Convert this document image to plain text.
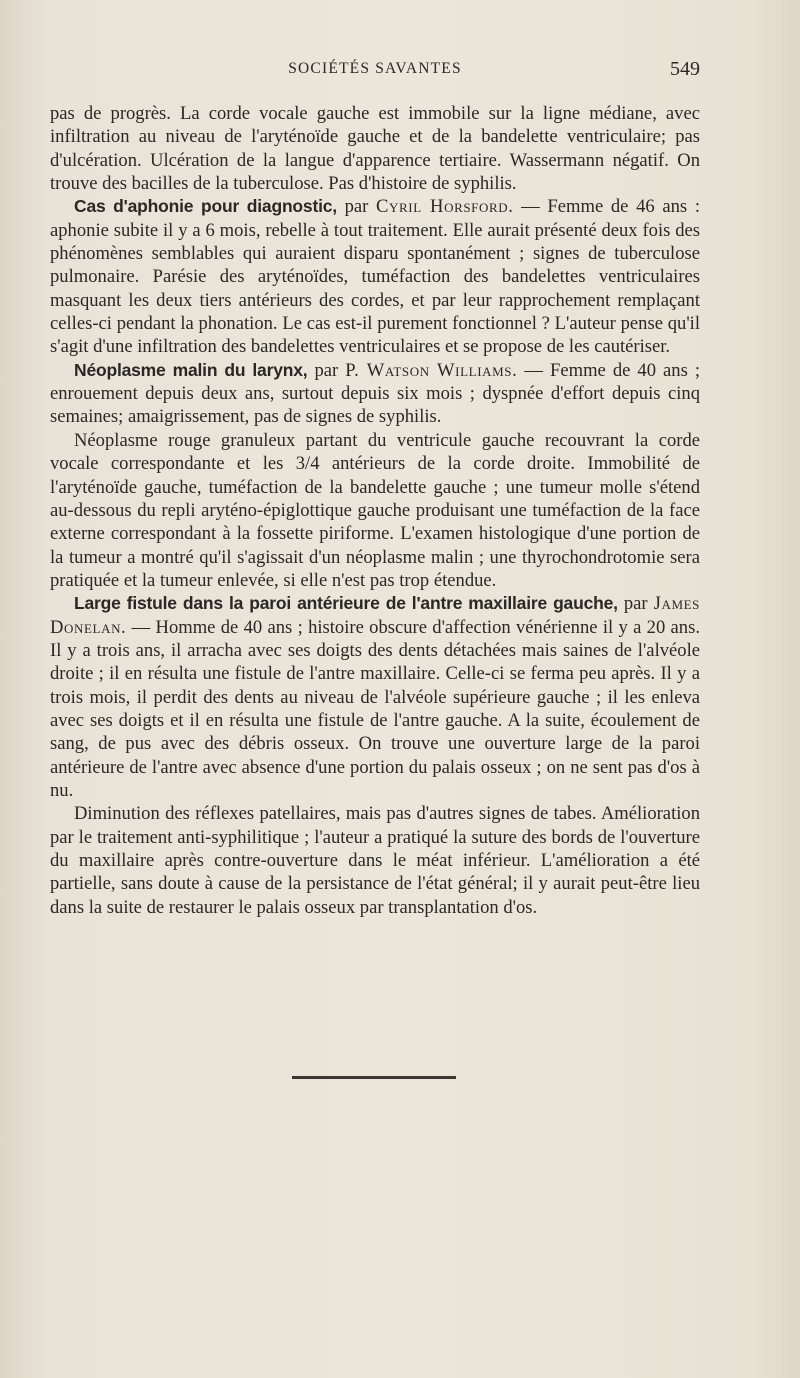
SOCIÉTÉS SAVANTES	549

pas de progrès. La corde vocale gauche est immobile sur la ligne médiane, avec infiltration au niveau de l'aryténoïde gauche et de la bandelette ventriculaire; pas d'ulcération. Ulcération de la langue d'apparence tertiaire. Wassermann négatif. On trouve des bacilles de la tuberculose. Pas d'histoire de syphilis.

Cas d'aphonie pour diagnostic, par Cyril Horsford. — Femme de 46 ans : aphonie subite il y a 6 mois, rebelle à tout traitement. Elle aurait présenté deux fois des phénomènes semblables qui auraient disparu spontanément ; signes de tuberculose pulmonaire. Parésie des aryténoïdes, tuméfaction des bandelettes ventriculaires masquant les deux tiers antérieurs des cordes, et par leur rapprochement remplaçant celles-ci pendant la phonation. Le cas est-il purement fonctionnel ? L'auteur pense qu'il s'agit d'une infiltration des bandelettes ventriculaires et se propose de les cautériser.

Néoplasme malin du larynx, par P. Watson Williams. — Femme de 40 ans ; enrouement depuis deux ans, surtout depuis six mois ; dyspnée d'effort depuis cinq semaines; amaigrissement, pas de signes de syphilis.

Néoplasme rouge granuleux partant du ventricule gauche recouvrant la corde vocale correspondante et les 3/4 antérieurs de la corde droite. Immobilité de l'aryténoïde gauche, tuméfaction de la bandelette gauche ; une tumeur molle s'étend au-dessous du repli aryténo-épiglottique gauche produisant une tuméfaction de la face externe correspondant à la fossette piriforme. L'examen histologique d'une portion de la tumeur a montré qu'il s'agissait d'un néoplasme malin ; une thyrochondrotomie sera pratiquée et la tumeur enlevée, si elle n'est pas trop étendue.

Large fistule dans la paroi antérieure de l'antre maxillaire gauche, par James Donelan. — Homme de 40 ans ; histoire obscure d'affection vénérienne il y a 20 ans. Il y a trois ans, il arracha avec ses doigts des dents détachées mais saines de l'alvéole droite ; il en résulta une fistule de l'antre maxillaire. Celle-ci se ferma peu après. Il y a trois mois, il perdit des dents au niveau de l'alvéole supérieure gauche ; il les enleva avec ses doigts et il en résulta une fistule de l'antre gauche. A la suite, écoulement de sang, de pus avec des débris osseux. On trouve une ouverture large de la paroi antérieure de l'antre avec absence d'une portion du palais osseux ; on ne sent pas d'os à nu.

Diminution des réflexes patellaires, mais pas d'autres signes de tabes. Amélioration par le traitement anti-syphilitique ; l'auteur a pratiqué la suture des bords de l'ouverture du maxillaire après contre-ouverture dans le méat inférieur. L'amélioration a été partielle, sans doute à cause de la persistance de l'état général; il y aurait peut-être lieu dans la suite de restaurer le palais osseux par transplantation d'os.
